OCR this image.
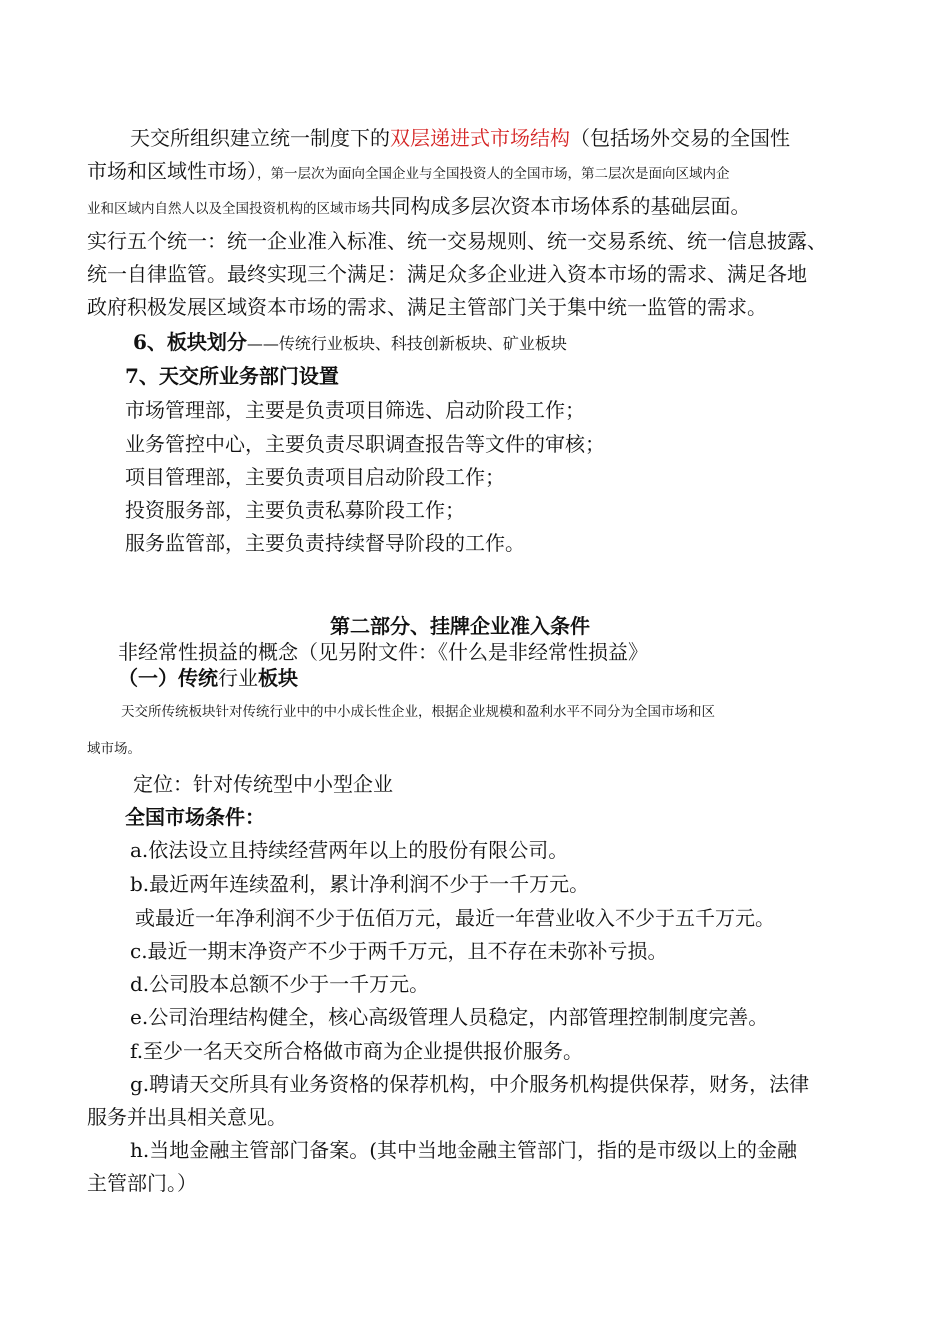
天交所组织建立统一制度下的双层递进式市场结构（包括场外交易的全国性

市场和区域性市场），第一层次为面向全国企业与全国投资人的全国市场，第二层次是面向区域内企

业和区域内自然人以及全国投资机构的区域市场共同构成多层次资本市场体系的基础层面。

实行五个统一：统一企业准入标准、统一交易规则、统一交易系统、统一信息披露、

统一自律监管。最终实现三个满足：满足众多企业进入资本市场的需求、满足各地

政府积极发展区域资本市场的需求、满足主管部门关于集中统一监管的需求。

6、板块划分——传统行业板块、科技创新板块、矿业板块

7、天交所业务部门设置

市场管理部，主要是负责项目筛选、启动阶段工作；

业务管控中心，主要负责尽职调查报告等文件的审核；

项目管理部，主要负责项目启动阶段工作；

投资服务部，主要负责私募阶段工作；

服务监管部，主要负责持续督导阶段的工作。

第二部分、挂牌企业准入条件

非经常性损益的概念（见另附文件：《什么是非经常性损益》

（一）传统行业板块

天交所传统板块针对传统行业中的中小成长性企业，根据企业规模和盈利水平不同分为全国市场和区

域市场。

定位：针对传统型中小型企业

全国市场条件：

a.依法设立且持续经营两年以上的股份有限公司。

b.最近两年连续盈利，累计净利润不少于一千万元。

或最近一年净利润不少于伍佰万元，最近一年营业收入不少于五千万元。

c.最近一期末净资产不少于两千万元，且不存在未弥补亏损。

d.公司股本总额不少于一千万元。

e.公司治理结构健全，核心高级管理人员稳定，内部管理控制制度完善。

f.至少一名天交所合格做市商为企业提供报价服务。

g.聘请天交所具有业务资格的保荐机构，中介服务机构提供保荐，财务，法律

服务并出具相关意见。

h.当地金融主管部门备案。(其中当地金融主管部门，指的是市级以上的金融

主管部门。）
